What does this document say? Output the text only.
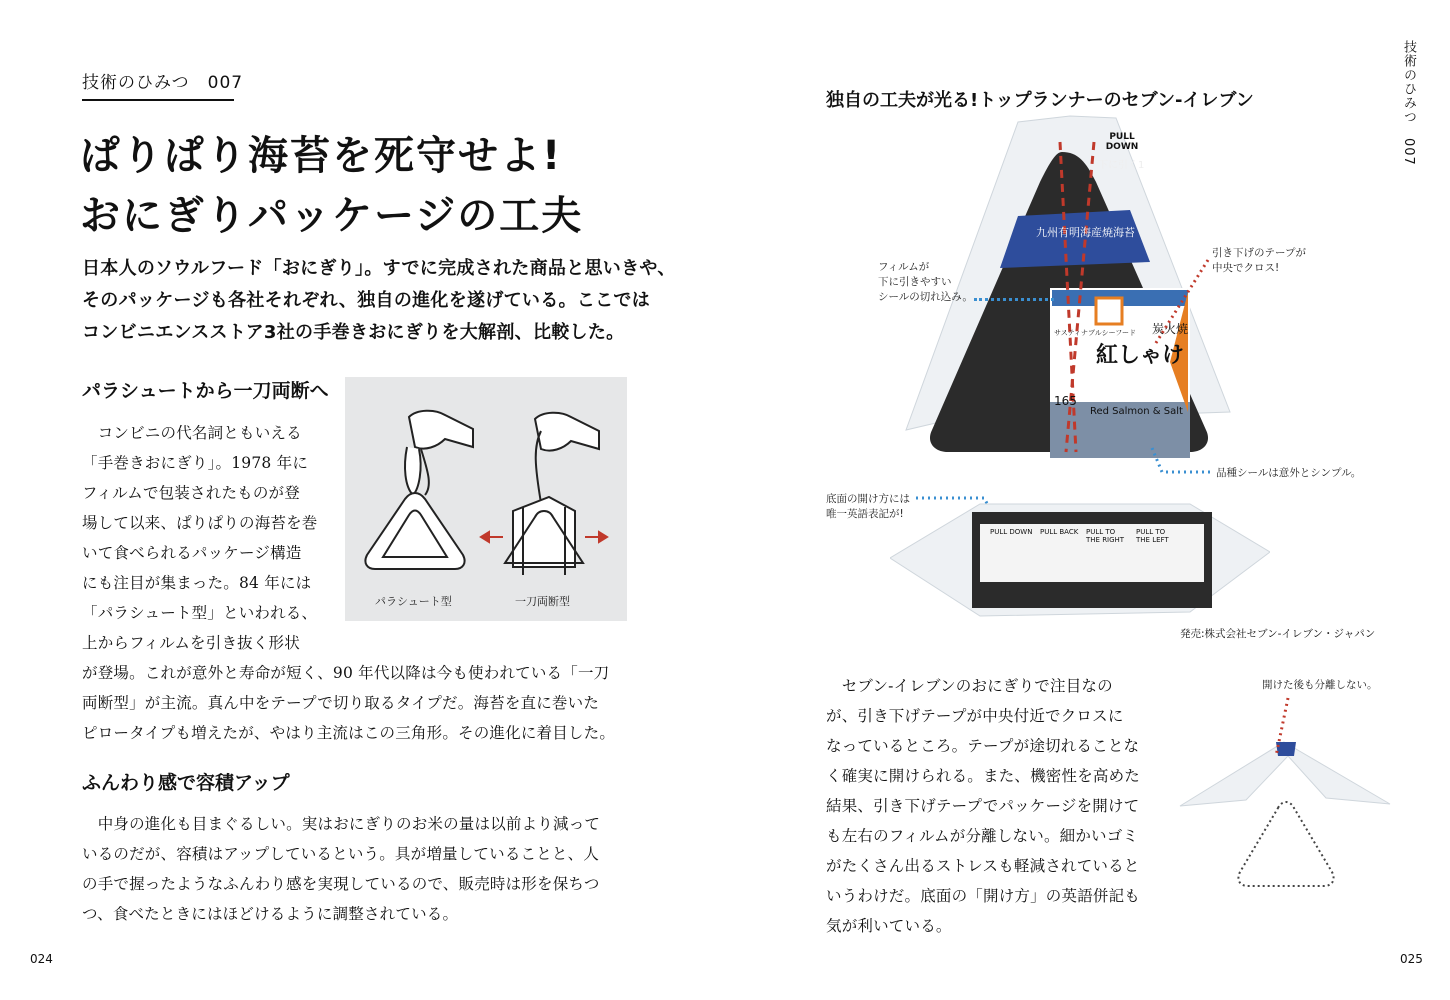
技術のひみつ　007
ぱりぱり海苔を死守せよ!
おにぎりパッケージの工夫
日本人のソウルフード「おにぎり」。すでに完成された商品と思いきや、
そのパッケージも各社それぞれ、独自の進化を遂げている。ここでは
コンビニエンスストア3社の手巻きおにぎりを大解剖、比較した。
パラシュートから一刀両断へ
　コンビニの代名詞ともいえる
「手巻きおにぎり」。1978 年に
フィルムで包装されたものが登
場して以来、ぱりぱりの海苔を巻
いて食べられるパッケージ構造
にも注目が集まった。84 年には
「パラシュート型」といわれる、
上からフィルムを引き抜く形状
が登場。これが意外と寿命が短く、90 年代以降は今も使われている「一刀
両断型」が主流。真ん中をテープで切り取るタイプだ。海苔を直に巻いた
ピロータイプも増えたが、やはり主流はこの三角形。その進化に着目した。
パラシュート型	一刀両断型
ふんわり感で容積アップ
　中身の進化も目まぐるしい。実はおにぎりのお米の量は以前より減って
いるのだが、容積はアップしているという。具が増量していることと、人
の手で握ったようなふんわり感を実現しているので、販売時は形を保ちつ
つ、食べたときにはほどけるように調整されている。
024
技術のひみつ　007
独自の工夫が光る!トップランナーのセブン-イレブン
PULL DOWN
下に引く1
九州有明海産焼海苔
炭火焼
紅しゃけ
サスティナブルシーフード
165
Red Salmon & Salt
フィルムが
下に引きやすい
シールの切れ込み。
引き下げのテープが
中央でクロス!
品種シールは意外とシンプル。
底面の開け方には
唯一英語表記が!
PULL DOWN PULL BACK PULL TO THE RIGHT
PULL TO THE LEFT
発売:株式会社セブン-イレブン・ジャパン
　セブン-イレブンのおにぎりで注目なの
が、引き下げテープが中央付近でクロスに
なっているところ。テープが途切れることな
く確実に開けられる。また、機密性を高めた
結果、引き下げテープでパッケージを開けて
も左右のフィルムが分離しない。細かいゴミ
がたくさん出るストレスも軽減されていると
いうわけだ。底面の「開け方」の英語併記も
気が利いている。
開けた後も分離しない。
025
